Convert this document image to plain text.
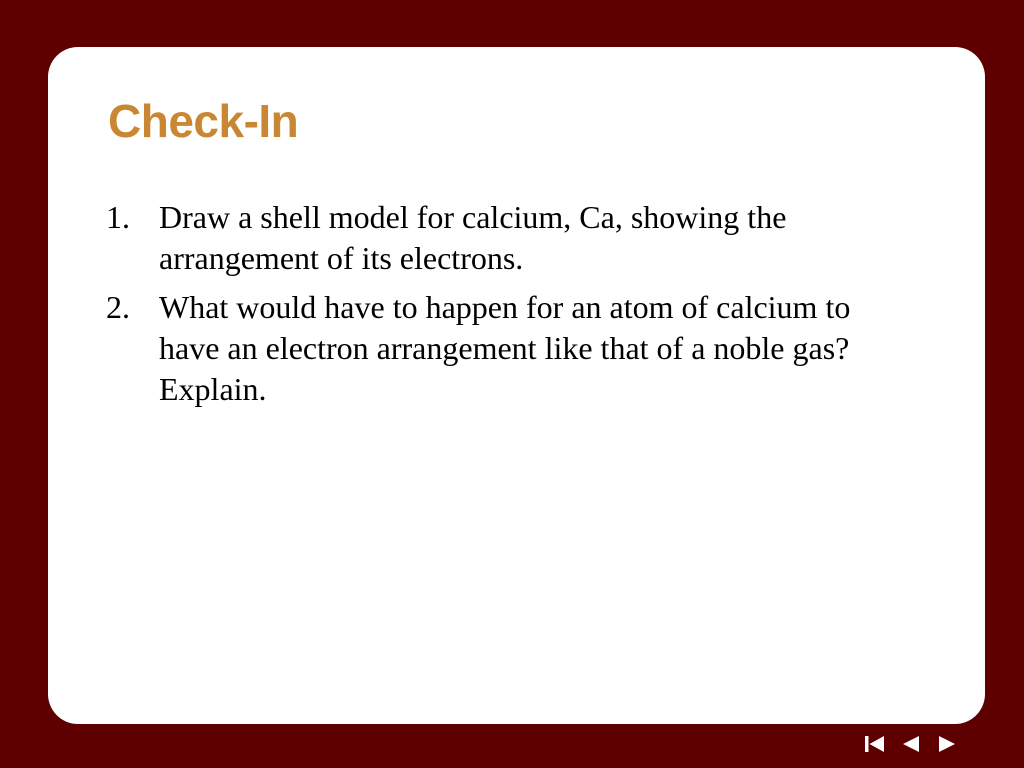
Check-In
1. Draw a shell model for calcium, Ca, showing the arrangement of its electrons.
2. What would have to happen for an atom of calcium to have an electron arrangement like that of a noble gas? Explain.
